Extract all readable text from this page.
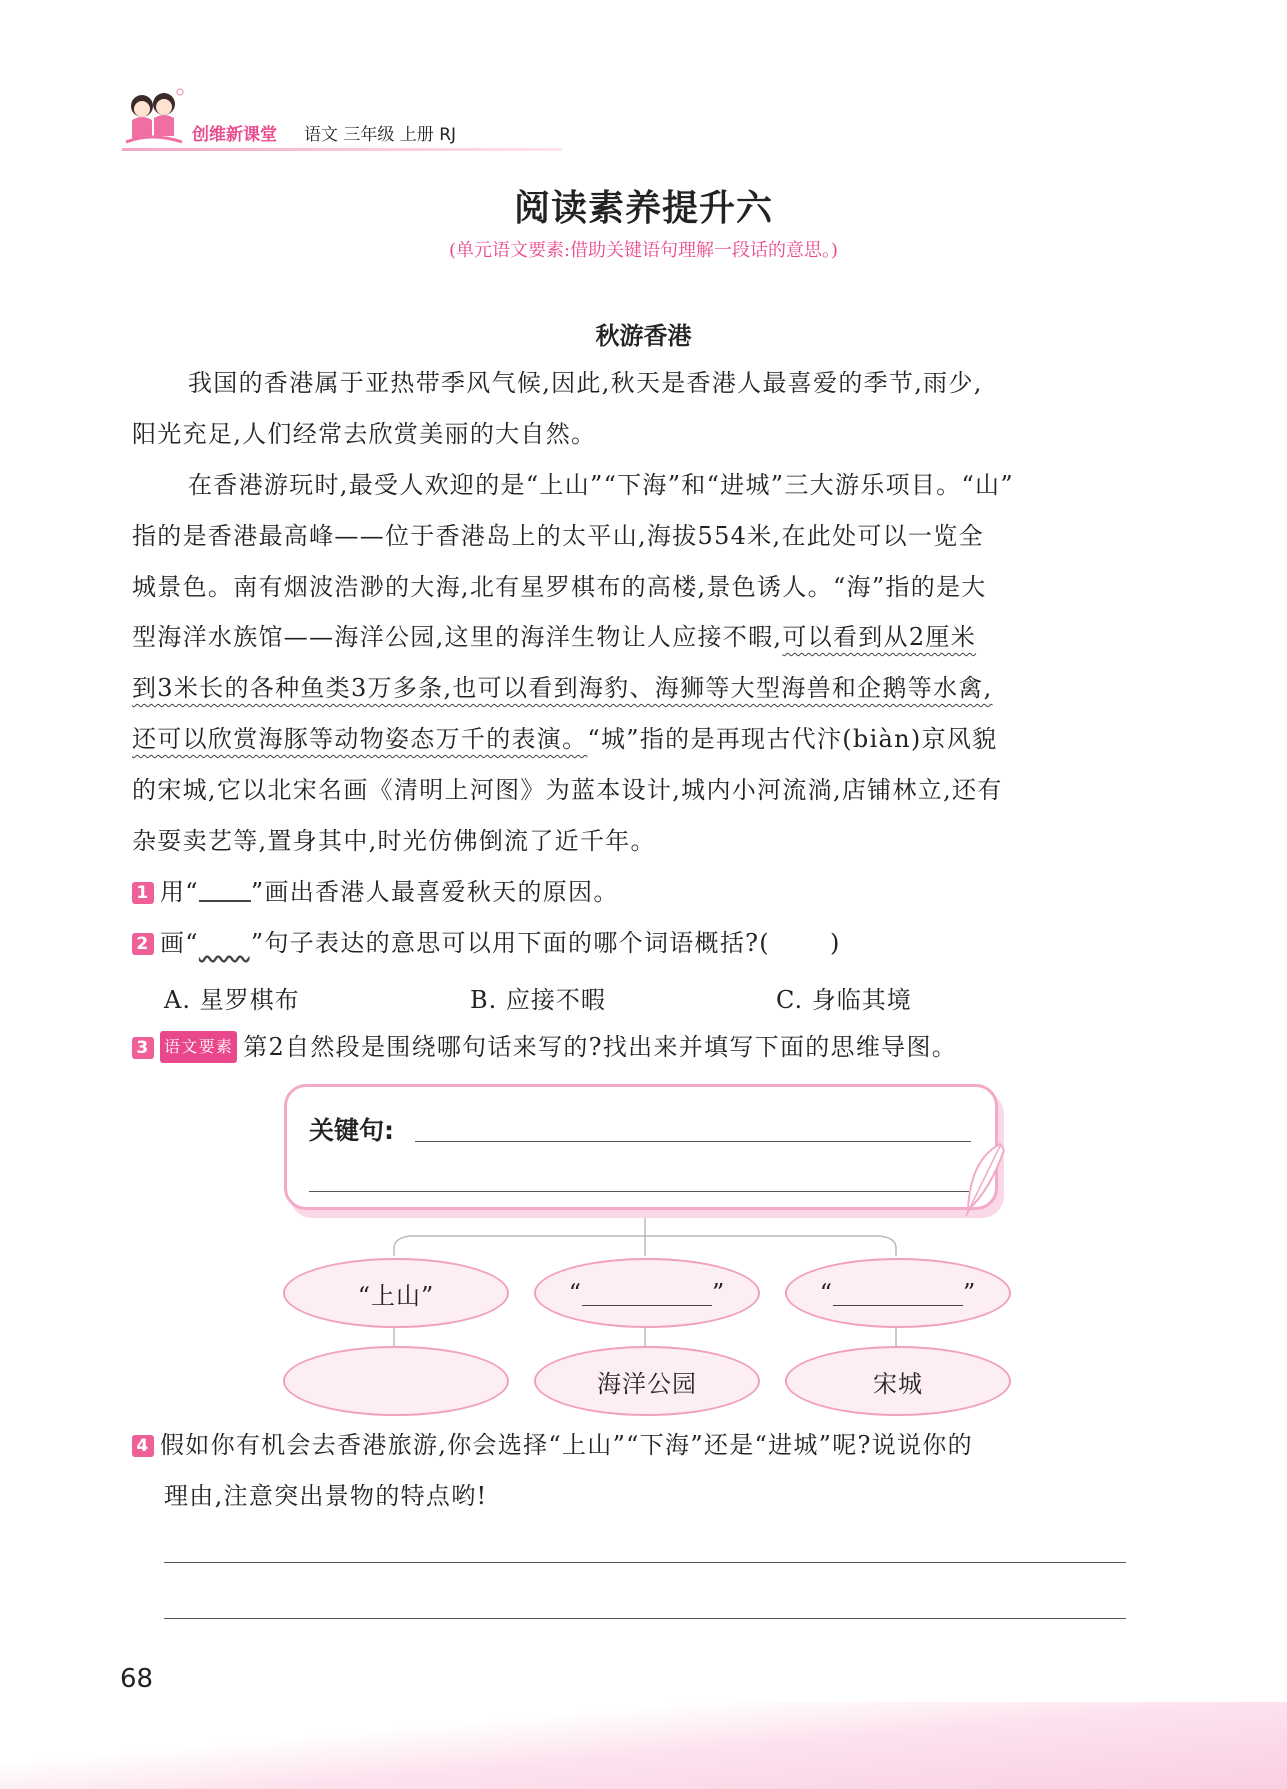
创维新课堂 语文 三年级 上册 RJ
阅读素养提升六
(单元语文要素:借助关键语句理解一段话的意思。)
秋游香港
我国的香港属于亚热带季风气候,因此,秋天是香港人最喜爱的季节,雨少,
阳光充足,人们经常去欣赏美丽的大自然。
在香港游玩时,最受人欢迎的是“上山”“下海”和“进城”三大游乐项目。“山”
指的是香港最高峰——位于香港岛上的太平山,海拔554米,在此处可以一览全
城景色。南有烟波浩渺的大海,北有星罗棋布的高楼,景色诱人。“海”指的是大
型海洋水族馆——海洋公园,这里的海洋生物让人应接不暇,可以看到从2厘米
到3米长的各种鱼类3万多条,也可以看到海豹、海狮等大型海兽和企鹅等水禽,
还可以欣赏海豚等动物姿态万千的表演。“城”指的是再现古代汴(biàn)京风貌
的宋城,它以北宋名画《清明上河图》为蓝本设计,城内小河流淌,店铺林立,还有
杂耍卖艺等,置身其中,时光仿佛倒流了近千年。
1 用“ ”画出香港人最喜爱秋天的原因。
2 画“　　 ”句子表达的意思可以用下面的哪个词语概括?(	)
A. 星罗棋布	B. 应接不暇	C. 身临其境
3 语文要素 第2自然段是围绕哪句话来写的?找出来并填写下面的思维导图。
关键句:
“上山”	“	”	“	”
海洋公园	宋城
4 假如你有机会去香港旅游,你会选择“上山”“下海”还是“进城”呢?说说你的
理由,注意突出景物的特点哟!
68
